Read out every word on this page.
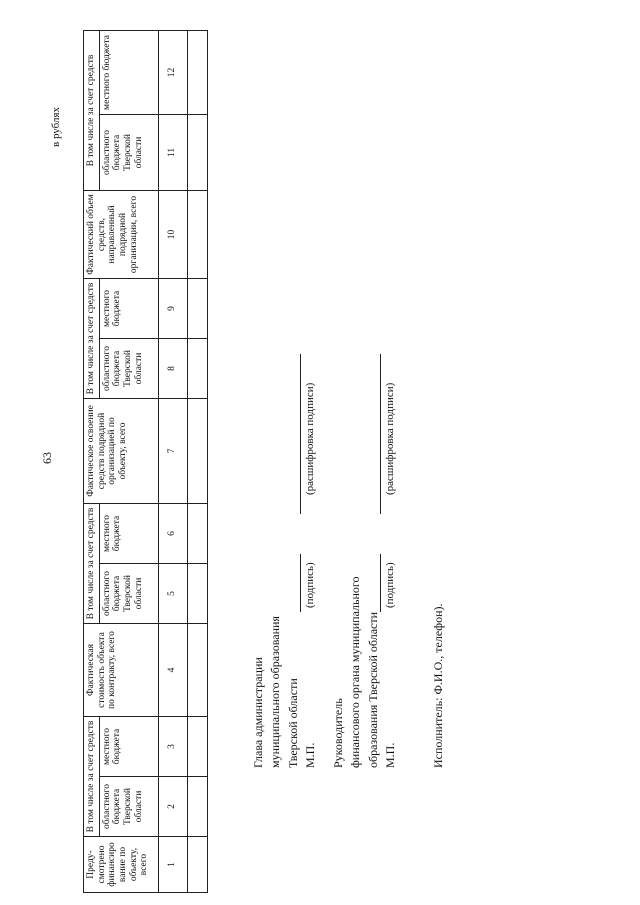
63
в рублях
Преду-смотрено финансиро вание по объекту, всего	В том числе за счет средств		Фактическая стоимость объекта по контракту, всего	В том числе за счет средств		Фактическое освоение средств подрядной организацией по объекту, всего	В том числе за счет средств		Фактический объем средств, направленный подрядной организации, всего	В том числе за счет средств	
	областного бюджета Тверской области	местного бюджета		областного бюджета Тверской области	местного бюджета		областного бюджета Тверской области	местного бюджета		областного бюджета Тверской области	местного бюджета
1	2	3	4	5	6	7	8	9	10	11	12

Глава администрации муниципального образования Тверской области М.П.
(подпись)
(расшифровка подписи)
Руководитель финансового органа муниципального образования Тверской области М.П.
(подпись)
(расшифровка подписи)
Исполнитель: Ф.И.О., телефон).
